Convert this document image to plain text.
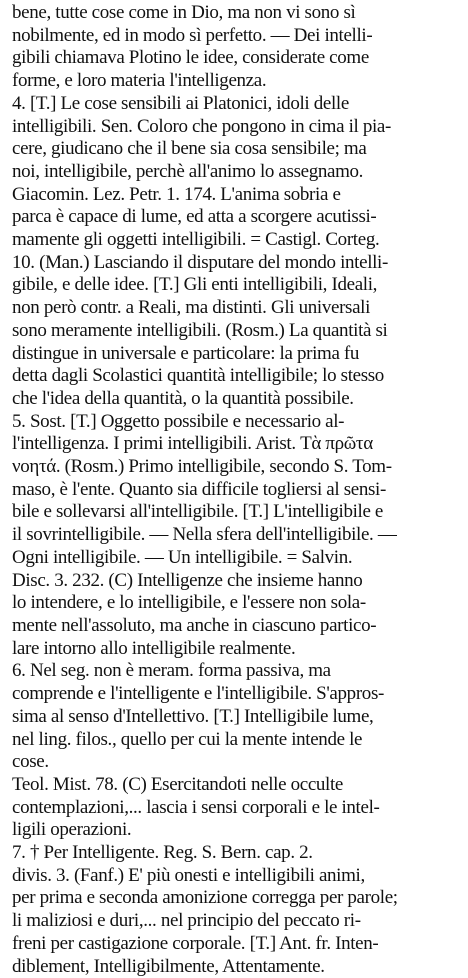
bene, tutte cose come in Dio, ma non vi sono sì
nobilmente, ed in modo sì perfetto. — Dei intelli-
gibili chiamava Plotino le idee, considerate come
forme, e loro materia l'intelligenza.

4. [T.] Le cose sensibili ai Platonici, idoli delle
intelligibili. Sen. Coloro che pongono in cima il pia-
cere, giudicano che il bene sia cosa sensibile; ma
noi, intelligibile, perchè all'animo lo assegnamo.
Giacomin. Lez. Petr. 1. 174. L'anima sobria e
parca è capace di lume, ed atta a scorgere acutissi-
mamente gli oggetti intelligibili. = Castigl. Corteg.
10. (Man.) Lasciando il disputare del mondo intelli-
gibile, e delle idee. [T.] Gli enti intelligibili, Ideali,
non però contr. a Reali, ma distinti. Gli universali
sono meramente intelligibili. (Rosm.) La quantità si
distingue in universale e particolare: la prima fu
detta dagli Scolastici quantità intelligibile; lo stesso
che l'idea della quantità, o la quantità possibile.

5. Sost. [T.] Oggetto possibile e necessario al-
l'intelligenza. I primi intelligibili. Arist. Τὰ πρῶτα
νοητά. (Rosm.) Primo intelligibile, secondo S. Tom-
maso, è l'ente. Quanto sia difficile togliersi al sensi-
bile e sollevarsi all'intelligibile. [T.] L'intelligibile e
il sovrintelligibile. — Nella sfera dell'intelligibile. —
Ogni intelligibile. — Un intelligibile. = Salvin.
Disc. 3. 232. (C) Intelligenze che insieme hanno
lo intendere, e lo intelligibile, e l'essere non sola-
mente nell'assoluto, ma anche in ciascuno partico-
lare intorno allo intelligibile realmente.

6. Nel seg. non è meram. forma passiva, ma
comprende e l'intelligente e l'intelligibile. S'appros-
sima al senso d'Intellettivo. [T.] Intelligibile lume,
nel ling. filos., quello per cui la mente intende le
cose.

Teol. Mist. 78. (C) Esercitandoti nelle occulte
contemplazioni,... lascia i sensi corporali e le intel-
ligili operazioni.

7. † Per Intelligente. Reg. S. Bern. cap. 2.
divis. 3. (Fanf.) E' più onesti e intelligibili animi,
per prima e seconda amonizione corregga per parole;
li maliziosi e duri,... nel principio del peccato ri-
freni per castigazione corporale. [T.] Ant. fr. Inten-
diblement, Intelligibilmente, Attentamente.
